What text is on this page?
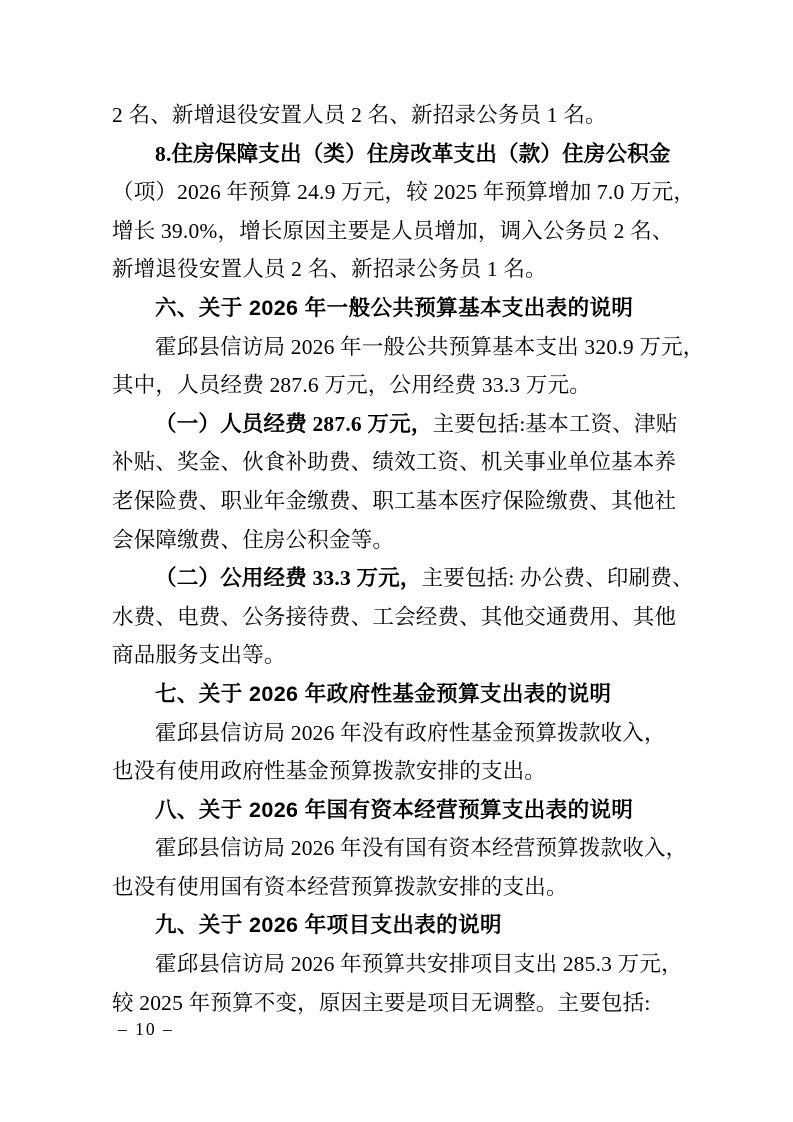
2 名、新增退役安置人员 2 名、新招录公务员 1 名。
8.住房保障支出（类）住房改革支出（款）住房公积金
（项）2026 年预算 24.9 万元，较 2025 年预算增加 7.0 万元，
增长 39.0%，增长原因主要是人员增加，调入公务员 2 名、
新增退役安置人员 2 名、新招录公务员 1 名。
六、关于 2026 年一般公共预算基本支出表的说明
霍邱县信访局 2026 年一般公共预算基本支出 320.9 万元，
其中，人员经费 287.6 万元，公用经费 33.3 万元。
（一）人员经费 287.6 万元，主要包括:基本工资、津贴
补贴、奖金、伙食补助费、绩效工资、机关事业单位基本养
老保险费、职业年金缴费、职工基本医疗保险缴费、其他社
会保障缴费、住房公积金等。
（二）公用经费 33.3 万元，主要包括: 办公费、印刷费、
水费、电费、公务接待费、工会经费、其他交通费用、其他
商品服务支出等。
七、关于 2026 年政府性基金预算支出表的说明
霍邱县信访局 2026 年没有政府性基金预算拨款收入，
也没有使用政府性基金预算拨款安排的支出。
八、关于 2026 年国有资本经营预算支出表的说明
霍邱县信访局 2026 年没有国有资本经营预算拨款收入，
也没有使用国有资本经营预算拨款安排的支出。
九、关于 2026 年项目支出表的说明
霍邱县信访局 2026 年预算共安排项目支出 285.3 万元，
较 2025 年预算不变，原因主要是项目无调整。主要包括:
– 10 –
